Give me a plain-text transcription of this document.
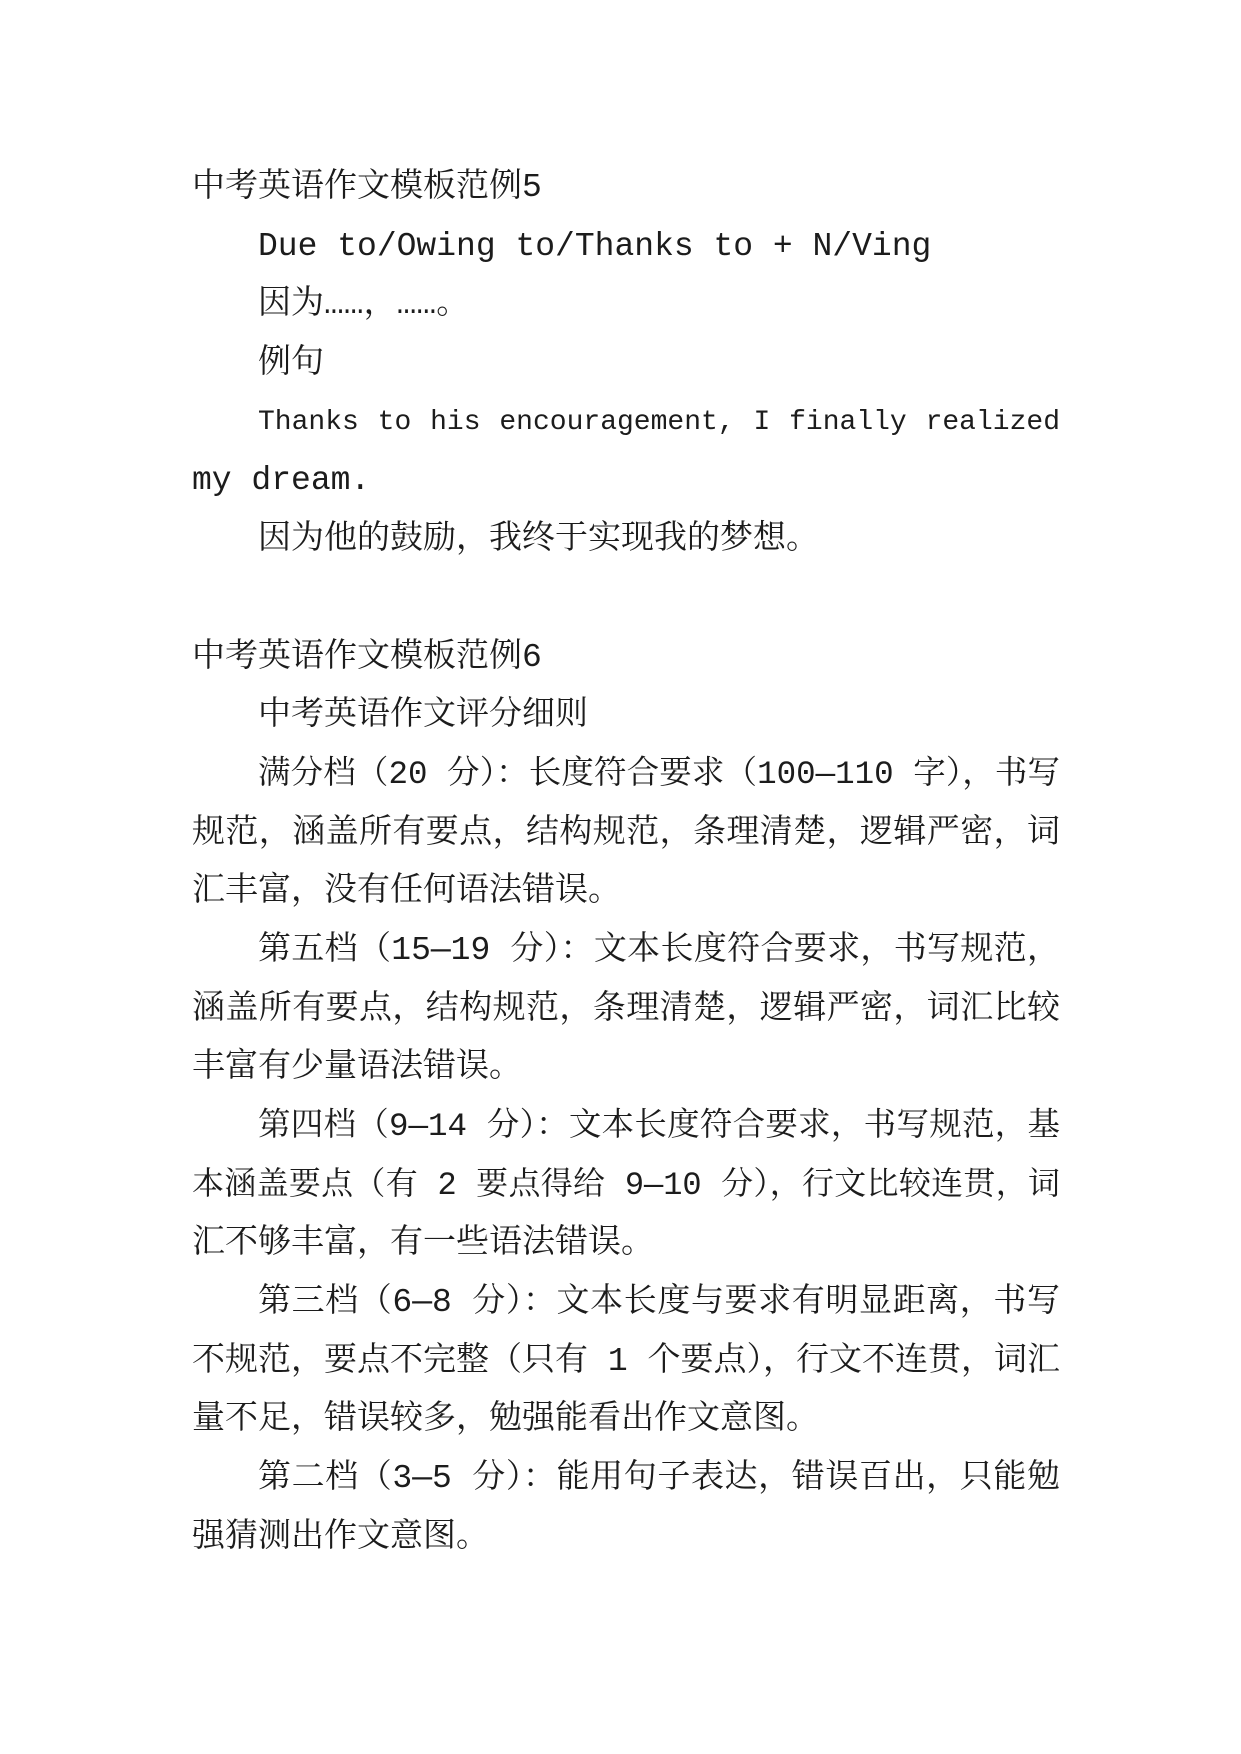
中考英语作文模板范例5
Due to/Owing to/Thanks to + N/Ving
因为……，……。
例句
Thanks to his encouragement, I finally realized
my dream.
因为他的鼓励，我终于实现我的梦想。
中考英语作文模板范例6
中考英语作文评分细则
满分档（20 分）：长度符合要求（100—110 字），书写
规范，涵盖所有要点，结构规范，条理清楚，逻辑严密，词
汇丰富，没有任何语法错误。
第五档（15—19 分）：文本长度符合要求，书写规范，
涵盖所有要点，结构规范，条理清楚，逻辑严密，词汇比较
丰富有少量语法错误。
第四档（9—14 分）：文本长度符合要求，书写规范，基
本涵盖要点（有 2 要点得给 9—10 分），行文比较连贯，词
汇不够丰富，有一些语法错误。
第三档（6—8 分）：文本长度与要求有明显距离，书写
不规范，要点不完整（只有 1 个要点），行文不连贯，词汇
量不足，错误较多，勉强能看出作文意图。
第二档（3—5 分）：能用句子表达，错误百出，只能勉
强猜测出作文意图。
